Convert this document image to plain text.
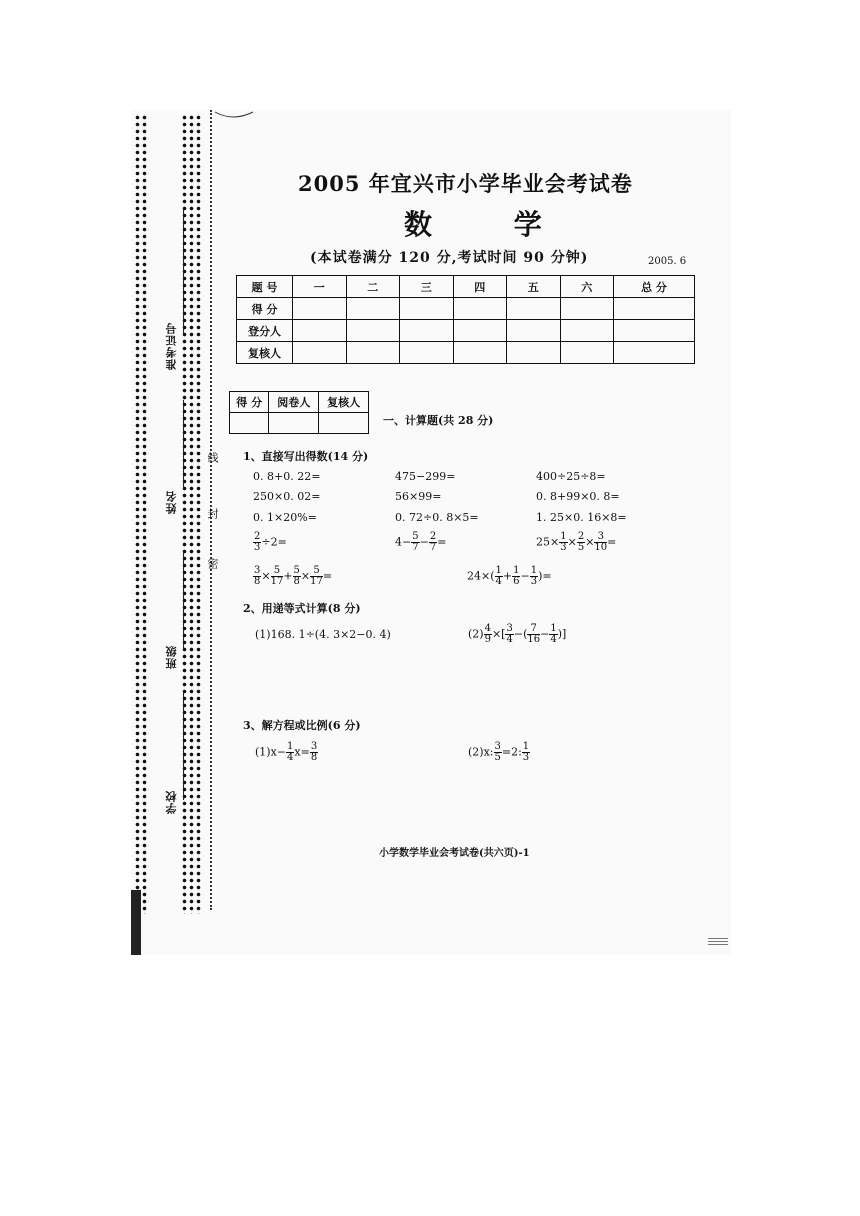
准考证号
姓名
班级
学校
线
封
密
2005 年宜兴市小学毕业会考试卷
数 学
(本试卷满分 120 分,考试时间 90 分钟)	2005. 6
题 号	一	二	三	四	五	六	总 分
得 分							
登分人							
复核人							
得 分	阅卷人	复核人

一、计算题(共 28 分)
1、直接写出得数(14 分)
0. 8+0. 22=	475−299=	400÷25÷8=
250×0. 02=	56×99=	0. 8+99×0. 8=
0. 1×20%=	0. 72÷0. 8×5=	1. 25×0. 16×8=
$\frac{2}{3} \div 2=$	$4- \frac{5}{7} - \frac{2}{7}$ =	$25\times \frac{1}{3} \times \frac{2}{5} \times \frac{3}{10}$ =
$\frac{3}{8} \times \frac{5}{17} + \frac{5}{8} \times \frac{5}{17}$ =	$24\times( \frac{1}{4} + \frac{1}{6} - \frac{1}{3}$ )=
2、用递等式计算(8 分)
(1)168. 1÷(4. 3×2−0. 4)	$(2) \frac{4}{9}$ ×[ $\frac{3}{4}$ −( $\frac{7}{16} - \frac{1}{4}$ )]
3、解方程或比例(6 分)
$(1)x- \frac{1}{4} x= \frac{3}{8}$	(2)x: $\frac{3}{5} =2$: $\frac{1}{3}$
小学数学毕业会考试卷(共六页)-1
